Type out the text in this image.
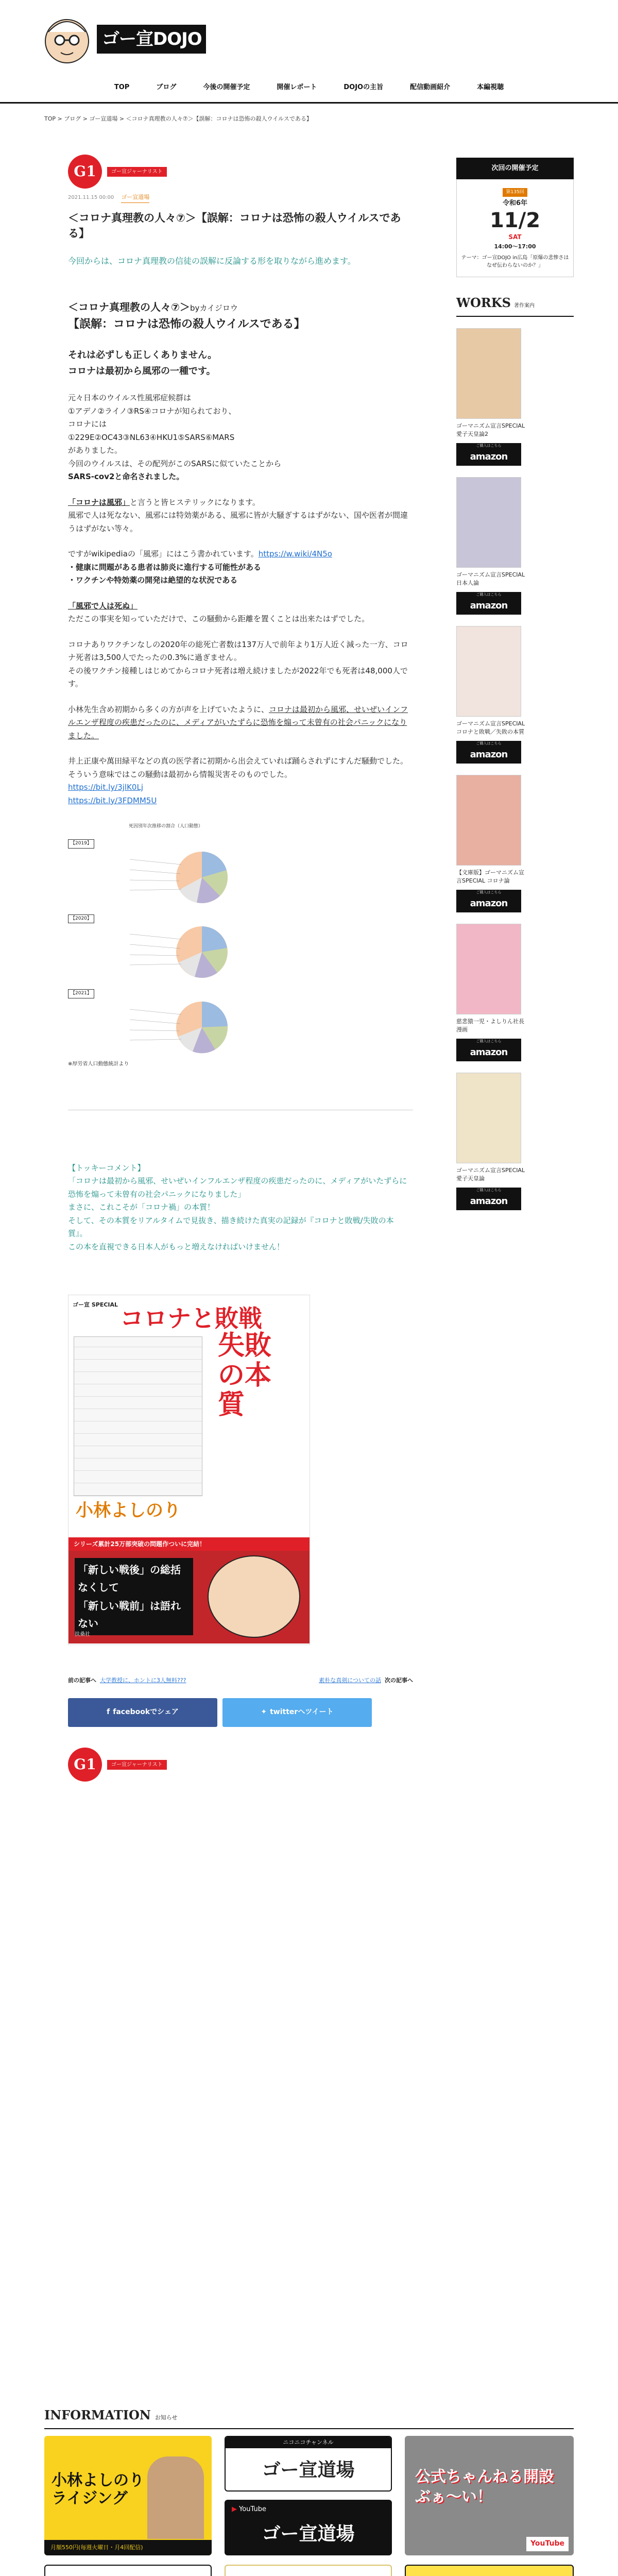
ゴー宣DOJO
TOP	ブログ	今後の開催予定	開催レポート	DOJOの主旨	配信動画紹介	本編視聴
TOP > ブログ > ゴー宣道場 > ＜コロナ真理教の人々⑦＞【誤解：コロナは恐怖の殺人ウイルスである】
G1	ゴー宣ジャーナリスト
2021.11.15 00:00 ゴー宣道場
＜コロナ真理教の人々⑦＞【誤解：コロナは恐怖の殺人ウイルスである】
今回からは、コロナ真理教の信徒の誤解に反論する形を取りながら進めます。
＜コロナ真理教の人々⑦＞byカイジロウ
【誤解：コロナは恐怖の殺人ウイルスである】
それは必ずしも正しくありません。
コロナは最初から風邪の一種です。
元々日本のウイルス性風邪症候群は
①アデノ②ライノ③RS④コロナが知られており、
コロナには
①229E②OC43③NL63④HKU1⑤SARS⑥MARS
がありました。
今回のウイルスは、その配列がこのSARSに似ていたことから
SARS-cov2と命名されました。
「コロナは風邪」と言うと皆ヒステリックになります。
風邪で人は死なない、風邪には特効薬がある、風邪に皆が大騒ぎするはずがない、国や医者が間違うはずがない等々。
ですがwikipediaの「風邪」にはこう書かれています。https://w.wiki/4N5o
・健康に問題がある患者は肺炎に進行する可能性がある
・ワクチンや特効薬の開発は絶望的な状況である
「風邪で人は死ぬ」
ただこの事実を知っていただけで、この騒動から距離を置くことは出来たはずでした。
コロナありワクチンなしの2020年の総死亡者数は137万人で前年より1万人近く減った一方、コロナ死者は3,500人でたったの0.3%に過ぎません。
その後ワクチン接種しはじめてからコロナ死者は増え続けましたが2022年でも死者は48,000人です。
小林先生含め初期から多くの方が声を上げていたように、コロナは最初から風邪、せいぜいインフルエンザ程度の疾患だったのに、メディアがいたずらに恐怖を煽って未曾有の社会パニックになりました。
井上正康や萬田緑平などの真の医学者に初期から出会えていれば踊らされずにすんだ騒動でした。そういう意味ではこの騒動は最初から情報災害そのものでした。
https://bit.ly/3jlK0Lj
https://bit.ly/3FDMM5U
死因別年次推移の割合（人口動態）
【2019】
【2020】
【2021】
※厚労省人口動態統計より
【トッキーコメント】
「コロナは最初から風邪、せいぜいインフルエンザ程度の疾患だったのに、メディアがいたずらに恐怖を煽って未曾有の社会パニックになりました」
まさに、これこそが「コロナ禍」の本質！
そして、その本質をリアルタイムで見抜き、描き続けた真実の記録が『コロナと敗戦/失敗の本質』。
この本を直視できる日本人がもっと増えなければいけません！
ゴー宣 SPECIAL コロナと敗戦
失敗の本質
小林よしのり
シリーズ累計25万部突破の問題作ついに完結！
「新しい戦後」の総括なくして
「新しい戦前」は語れない
扶桑社
前の記事へ 大学教授に、ホントに3人無料???	素朴な真剣についての話 次の記事へ
f facebookでシェア	✦ twitterへツイート
G1	ゴー宣ジャーナリスト
次回の開催予定
第135回
令和6年
11/2
SAT
14:00〜17:00
テーマ：ゴー宣DOJO in広島「原爆の悲惨さはなぜ伝わらないのか？」
WORKS 著作案内
ゴーマニズム宣言SPECIAL 愛子天皇論2
ご購入はこちら
amazon
ゴーマニズム宣言SPECIAL 日本人論
ご購入はこちら
amazon
ゴーマニズム宣言SPECIAL コロナと敗戦／失敗の本質
ご購入はこちら
amazon
【文庫版】ゴーマニズム宣言SPECIAL コロナ論
ご購入はこちら
amazon
慈悲猿一児・よしりん社長漫画
ご購入はこちら
amazon
ゴーマニズム宣言SPECIAL 愛子天皇論
ご購入はこちら
amazon
INFORMATION お知らせ
小林よしのりライジング
月額550円(毎週火曜日・月4回配信)
ニコニコチャンネル
ゴー宣道場
▶ YouTube
ゴー宣道場
公式ちゃんねる開設ぶぁ〜い！
YouTube
